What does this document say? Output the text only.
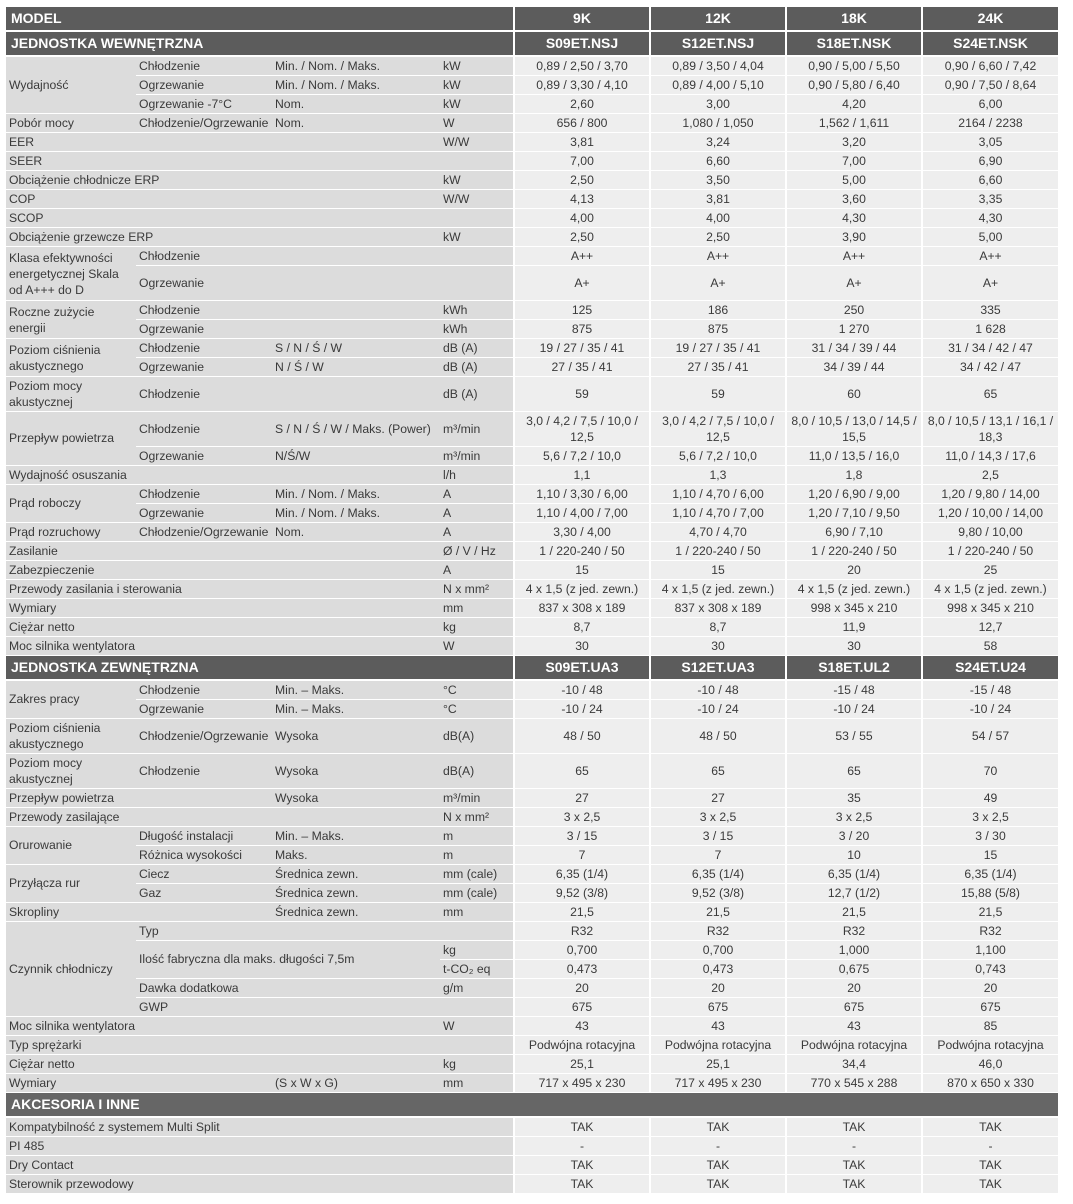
MODEL				9K	12K	18K	24K
JEDNOSTKA WEWNĘTRZNA				S09ET.NSJ	S12ET.NSJ	S18ET.NSK	S24ET.NSK
Wydajność	Chłodzenie	Min. / Nom. / Maks.	kW	0,89 / 2,50 / 3,70	0,89 / 3,50 / 4,04	0,90 / 5,00 / 5,50	0,90 / 6,60 / 7,42
	Ogrzewanie	Min. / Nom. / Maks.	kW	0,89 / 3,30 / 4,10	0,89 / 4,00 / 5,10	0,90 / 5,80 / 6,40	0,90 / 7,50 / 8,64
	Ogrzewanie -7°C	Nom.	kW	2,60	3,00	4,20	6,00
Pobór mocy	Chłodzenie/Ogrzewanie	Nom.	W	656 / 800	1,080 / 1,050	1,562 / 1,611	2164 / 2238
EER			W/W	3,81	3,24	3,20	3,05
SEER				7,00	6,60	7,00	6,90
Obciążenie chłodnicze ERP			kW	2,50	3,50	5,00	6,60
COP			W/W	4,13	3,81	3,60	3,35
SCOP				4,00	4,00	4,30	4,30
Obciążenie grzewcze ERP			kW	2,50	2,50	3,90	5,00
Klasa efektywności energetycznej Skala od A+++ do D	Chłodzenie			A++	A++	A++	A++
	Ogrzewanie			A+	A+	A+	A+
Roczne zużycie energii	Chłodzenie		kWh	125	186	250	335
	Ogrzewanie		kWh	875	875	1 270	1 628
Poziom ciśnienia akustycznego	Chłodzenie	S / N / Ś / W	dB (A)	19 / 27 / 35 / 41	19 / 27 / 35 / 41	31 / 34 / 39 / 44	31 / 34 / 42 / 47
	Ogrzewanie	N / Ś / W	dB (A)	27 / 35 / 41	27 / 35 / 41	34 / 39 / 44	34 / 42 / 47
Poziom mocy akustycznej	Chłodzenie		dB (A)	59	59	60	65
Przepływ powietrza	Chłodzenie	S / N / Ś / W / Maks. (Power)	m³/min	3,0 / 4,2 / 7,5 / 10,0 / 12,5	3,0 / 4,2 / 7,5 / 10,0 / 12,5	8,0 / 10,5 / 13,0 / 14,5 / 15,5	8,0 / 10,5 / 13,1 / 16,1 / 18,3
	Ogrzewanie	N/Ś/W	m³/min	5,6 / 7,2 / 10,0	5,6 / 7,2 / 10,0	11,0 / 13,5 / 16,0	11,0 / 14,3 / 17,6
Wydajność osuszania			l/h	1,1	1,3	1,8	2,5
Prąd roboczy	Chłodzenie	Min. / Nom. / Maks.	A	1,10 / 3,30 / 6,00	1,10 / 4,70 / 6,00	1,20 / 6,90 / 9,00	1,20 / 9,80 / 14,00
	Ogrzewanie	Min. / Nom. / Maks.	A	1,10 / 4,00 / 7,00	1,10 / 4,70 / 7,00	1,20 / 7,10 / 9,50	1,20 / 10,00 / 14,00
Prąd rozruchowy	Chłodzenie/Ogrzewanie	Nom.	A	3,30 / 4,00	4,70 / 4,70	6,90 / 7,10	9,80 / 10,00
Zasilanie			Ø / V / Hz	1 / 220-240 / 50	1 / 220-240 / 50	1 / 220-240 / 50	1 / 220-240 / 50
Zabezpieczenie			A	15	15	20	25
Przewody zasilania i sterowania			N x mm²	4 x 1,5 (z jed. zewn.)	4 x 1,5 (z jed. zewn.)	4 x 1,5 (z jed. zewn.)	4 x 1,5 (z jed. zewn.)
Wymiary			mm	837 x 308 x 189	837 x 308 x 189	998 x 345 x 210	998 x 345 x 210
Ciężar netto			kg	8,7	8,7	11,9	12,7
Moc silnika wentylatora			W	30	30	30	58
JEDNOSTKA ZEWNĘTRZNA				S09ET.UA3	S12ET.UA3	S18ET.UL2	S24ET.U24
Zakres pracy	Chłodzenie	Min. – Maks.	°C	-10 / 48	-10 / 48	-15 / 48	-15 / 48
	Ogrzewanie	Min. – Maks.	°C	-10 / 24	-10 / 24	-10 / 24	-10 / 24
Poziom ciśnienia akustycznego	Chłodzenie/Ogrzewanie	Wysoka	dB(A)	48 / 50	48 / 50	53 / 55	54 / 57
Poziom mocy akustycznej	Chłodzenie	Wysoka	dB(A)	65	65	65	70
Przepływ powietrza		Wysoka	m³/min	27	27	35	49
Przewody zasilające			N x mm²	3 x 2,5	3 x 2,5	3 x 2,5	3 x 2,5
Orurowanie	Długość instalacji	Min. – Maks.	m	3 / 15	3 / 15	3 / 20	3 / 30
	Różnica wysokości	Maks.	m	7	7	10	15
Przyłącza rur	Ciecz	Średnica zewn.	mm (cale)	6,35 (1/4)	6,35 (1/4)	6,35 (1/4)	6,35 (1/4)
	Gaz	Średnica zewn.	mm (cale)	9,52 (3/8)	9,52 (3/8)	12,7 (1/2)	15,88 (5/8)
Skropliny		Średnica zewn.	mm	21,5	21,5	21,5	21,5
Czynnik chłodniczy	Typ			R32	R32	R32	R32
	Ilość fabryczna dla maks. długości 7,5m		kg	0,700	0,700	1,000	1,100
			t-CO₂ eq	0,473	0,473	0,675	0,743
	Dawka dodatkowa		g/m	20	20	20	20
	GWP			675	675	675	675
Moc silnika wentylatora			W	43	43	43	85
Typ sprężarki				Podwójna rotacyjna	Podwójna rotacyjna	Podwójna rotacyjna	Podwójna rotacyjna
Ciężar netto			kg	25,1	25,1	34,4	46,0
Wymiary		(S x W x G)	mm	717 x 495 x 230	717 x 495 x 230	770 x 545 x 288	870 x 650 x 330
AKCESORIA I INNE							
Kompatybilność z systemem Multi Split				TAK	TAK	TAK	TAK
PI 485				-	-	-	-
Dry Contact				TAK	TAK	TAK	TAK
Sterownik przewodowy				TAK	TAK	TAK	TAK
